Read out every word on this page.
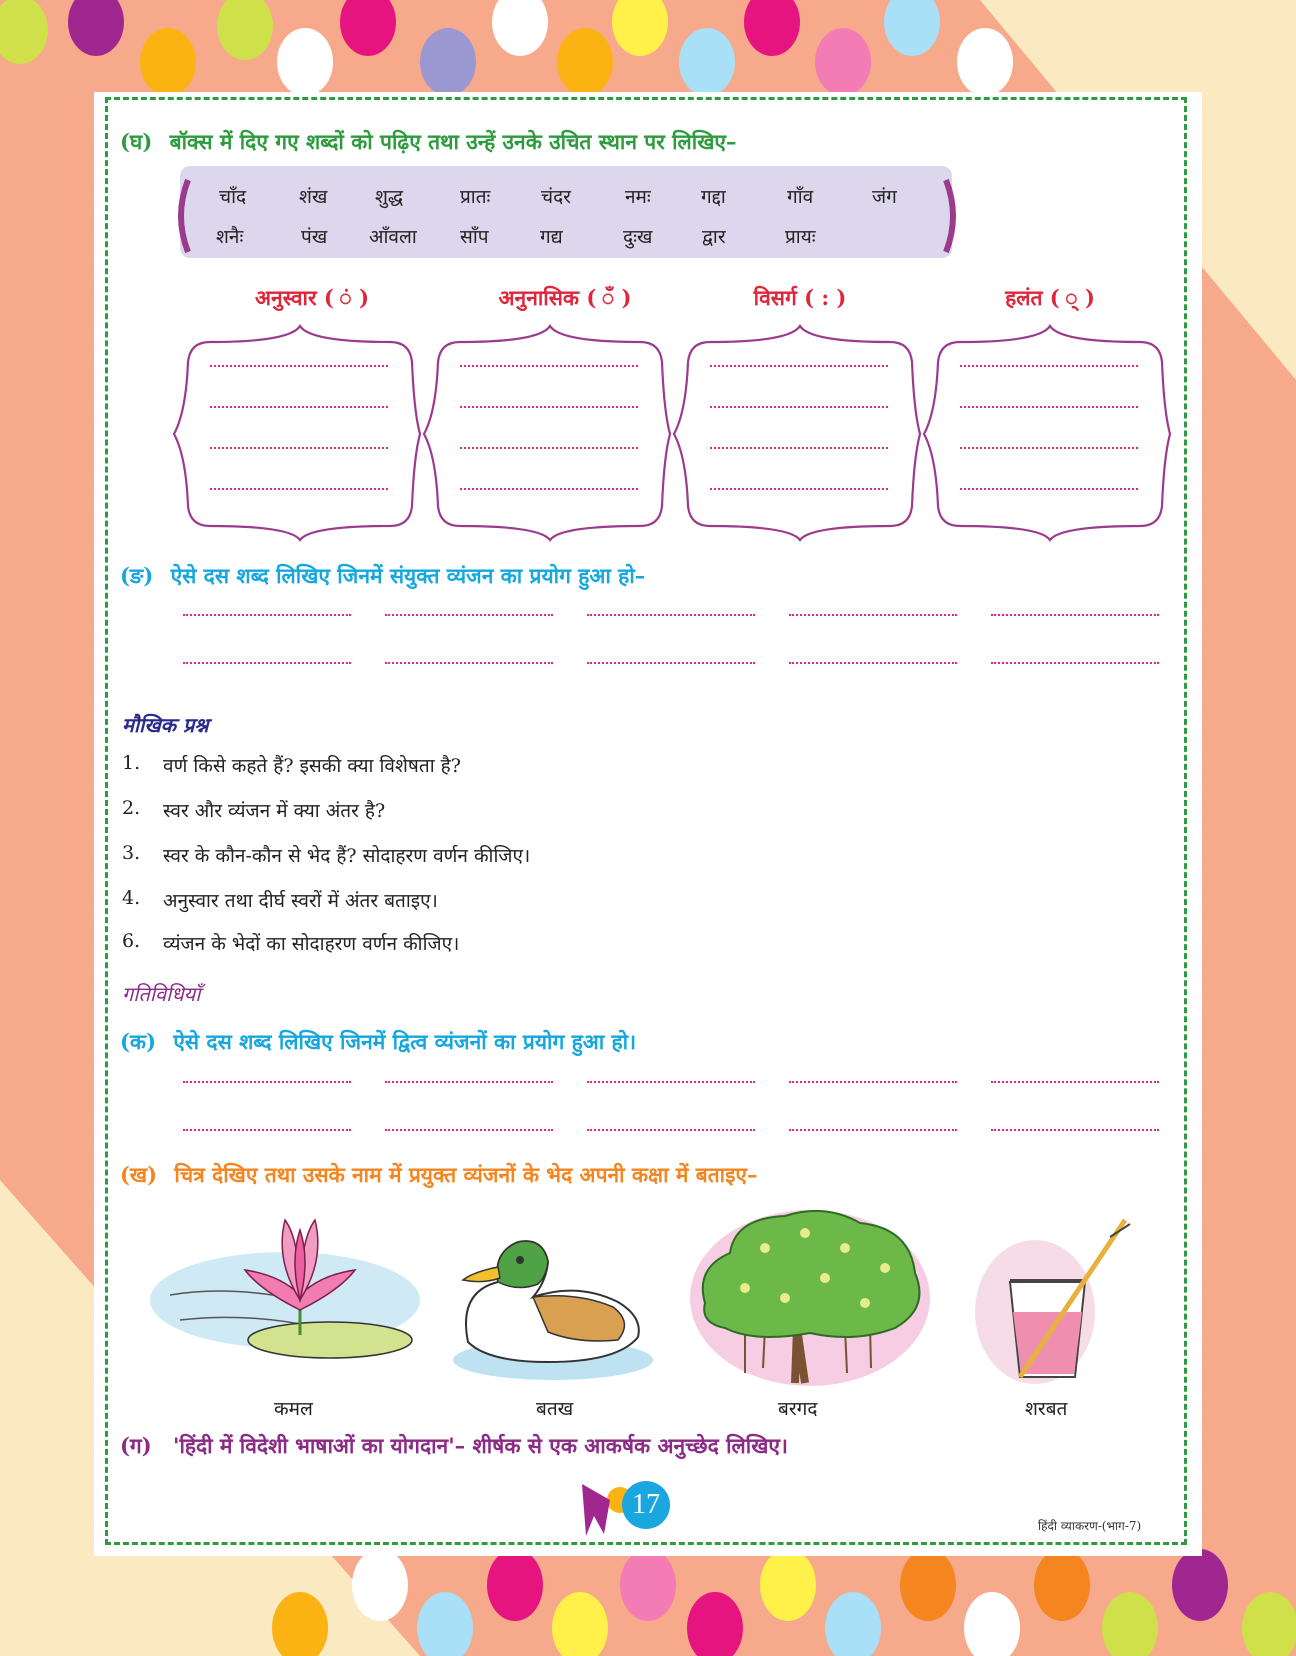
(घ) बॉक्स में दिए गए शब्दों को पढ़िए तथा उन्हें उनके उचित स्थान पर लिखिए–
चाँद	शंख	शुद्ध	प्रातः	चंदर	नमः	गद्दा	गाँव	जंग
शनैः	पंख आँवला साँप	गद्य	दुःख	द्वार	प्रायः
अनुस्वार ( ं )	अनुनासिक ( ँ )	विसर्ग ( : )	हलंत ( ् )
(ङ) ऐसे दस शब्द लिखिए जिनमें संयुक्त व्यंजन का प्रयोग हुआ हो–
मौखिक प्रश्न
1. वर्ण किसे कहते हैं? इसकी क्या विशेषता है?
2. स्वर और व्यंजन में क्या अंतर है?
3. स्वर के कौन-कौन से भेद हैं? सोदाहरण वर्णन कीजिए।
4. अनुस्वार तथा दीर्घ स्वरों में अंतर बताइए।
6. व्यंजन के भेदों का सोदाहरण वर्णन कीजिए।
गतिविधियाँ
(क) ऐसे दस शब्द लिखिए जिनमें द्वित्व व्यंजनों का प्रयोग हुआ हो।
(ख) चित्र देखिए तथा उसके नाम में प्रयुक्त व्यंजनों के भेद अपनी कक्षा में बताइए–
कमल	बतख	बरगद	शरबत
(ग) 'हिंदी में विदेशी भाषाओं का योगदान'– शीर्षक से एक आकर्षक अनुच्छेद लिखिए।
17
हिंदी व्याकरण-(भाग-7)
